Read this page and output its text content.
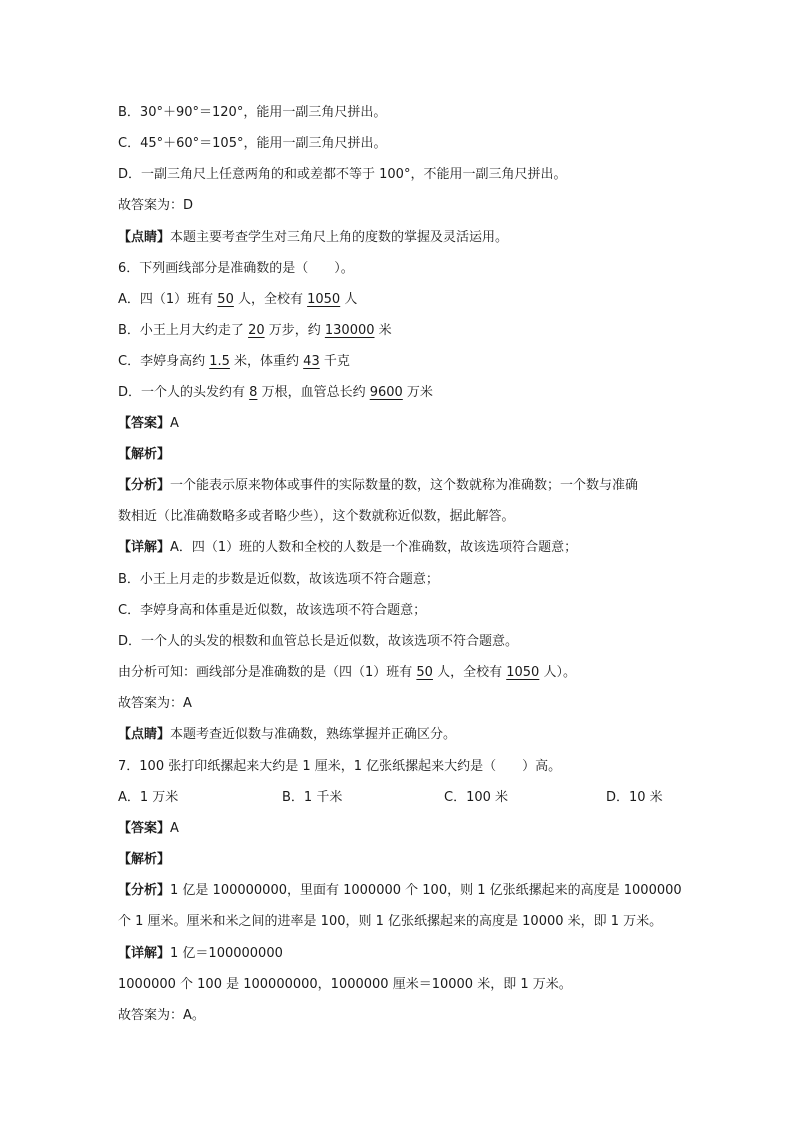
B．30°＋90°＝120°，能用一副三角尺拼出。
C．45°＋60°＝105°，能用一副三角尺拼出。
D．一副三角尺上任意两角的和或差都不等于 100°，不能用一副三角尺拼出。
故答案为：D
【点睛】本题主要考查学生对三角尺上角的度数的掌握及灵活运用。
6．下列画线部分是准确数的是（　　）。
A．四（1）班有 50 人，全校有 1050 人
B．小王上月大约走了 20 万步，约 130000 米
C．李婷身高约 1.5 米，体重约 43 千克
D．一个人的头发约有 8 万根，血管总长约 9600 万米
【答案】A
【解析】
【分析】一个能表示原来物体或事件的实际数量的数，这个数就称为准确数；一个数与准确
数相近（比准确数略多或者略少些），这个数就称近似数，据此解答。
【详解】A．四（1）班的人数和全校的人数是一个准确数，故该选项符合题意；
B．小王上月走的步数是近似数，故该选项不符合题意；
C．李婷身高和体重是近似数，故该选项不符合题意；
D．一个人的头发的根数和血管总长是近似数，故该选项不符合题意。
由分析可知：画线部分是准确数的是（四（1）班有 50 人，全校有 1050 人）。
故答案为：A
【点睛】本题考查近似数与准确数，熟练掌握并正确区分。
7．100 张打印纸摞起来大约是 1 厘米，1 亿张纸摞起来大约是（　　）高。
A．1 万米	B．1 千米	C．100 米	D．10 米
【答案】A
【解析】
【分析】1 亿是 100000000，里面有 1000000 个 100，则 1 亿张纸摞起来的高度是 1000000
个 1 厘米。厘米和米之间的进率是 100，则 1 亿张纸摞起来的高度是 10000 米，即 1 万米。
【详解】1 亿＝100000000
1000000 个 100 是 100000000，1000000 厘米＝10000 米，即 1 万米。
故答案为：A。
